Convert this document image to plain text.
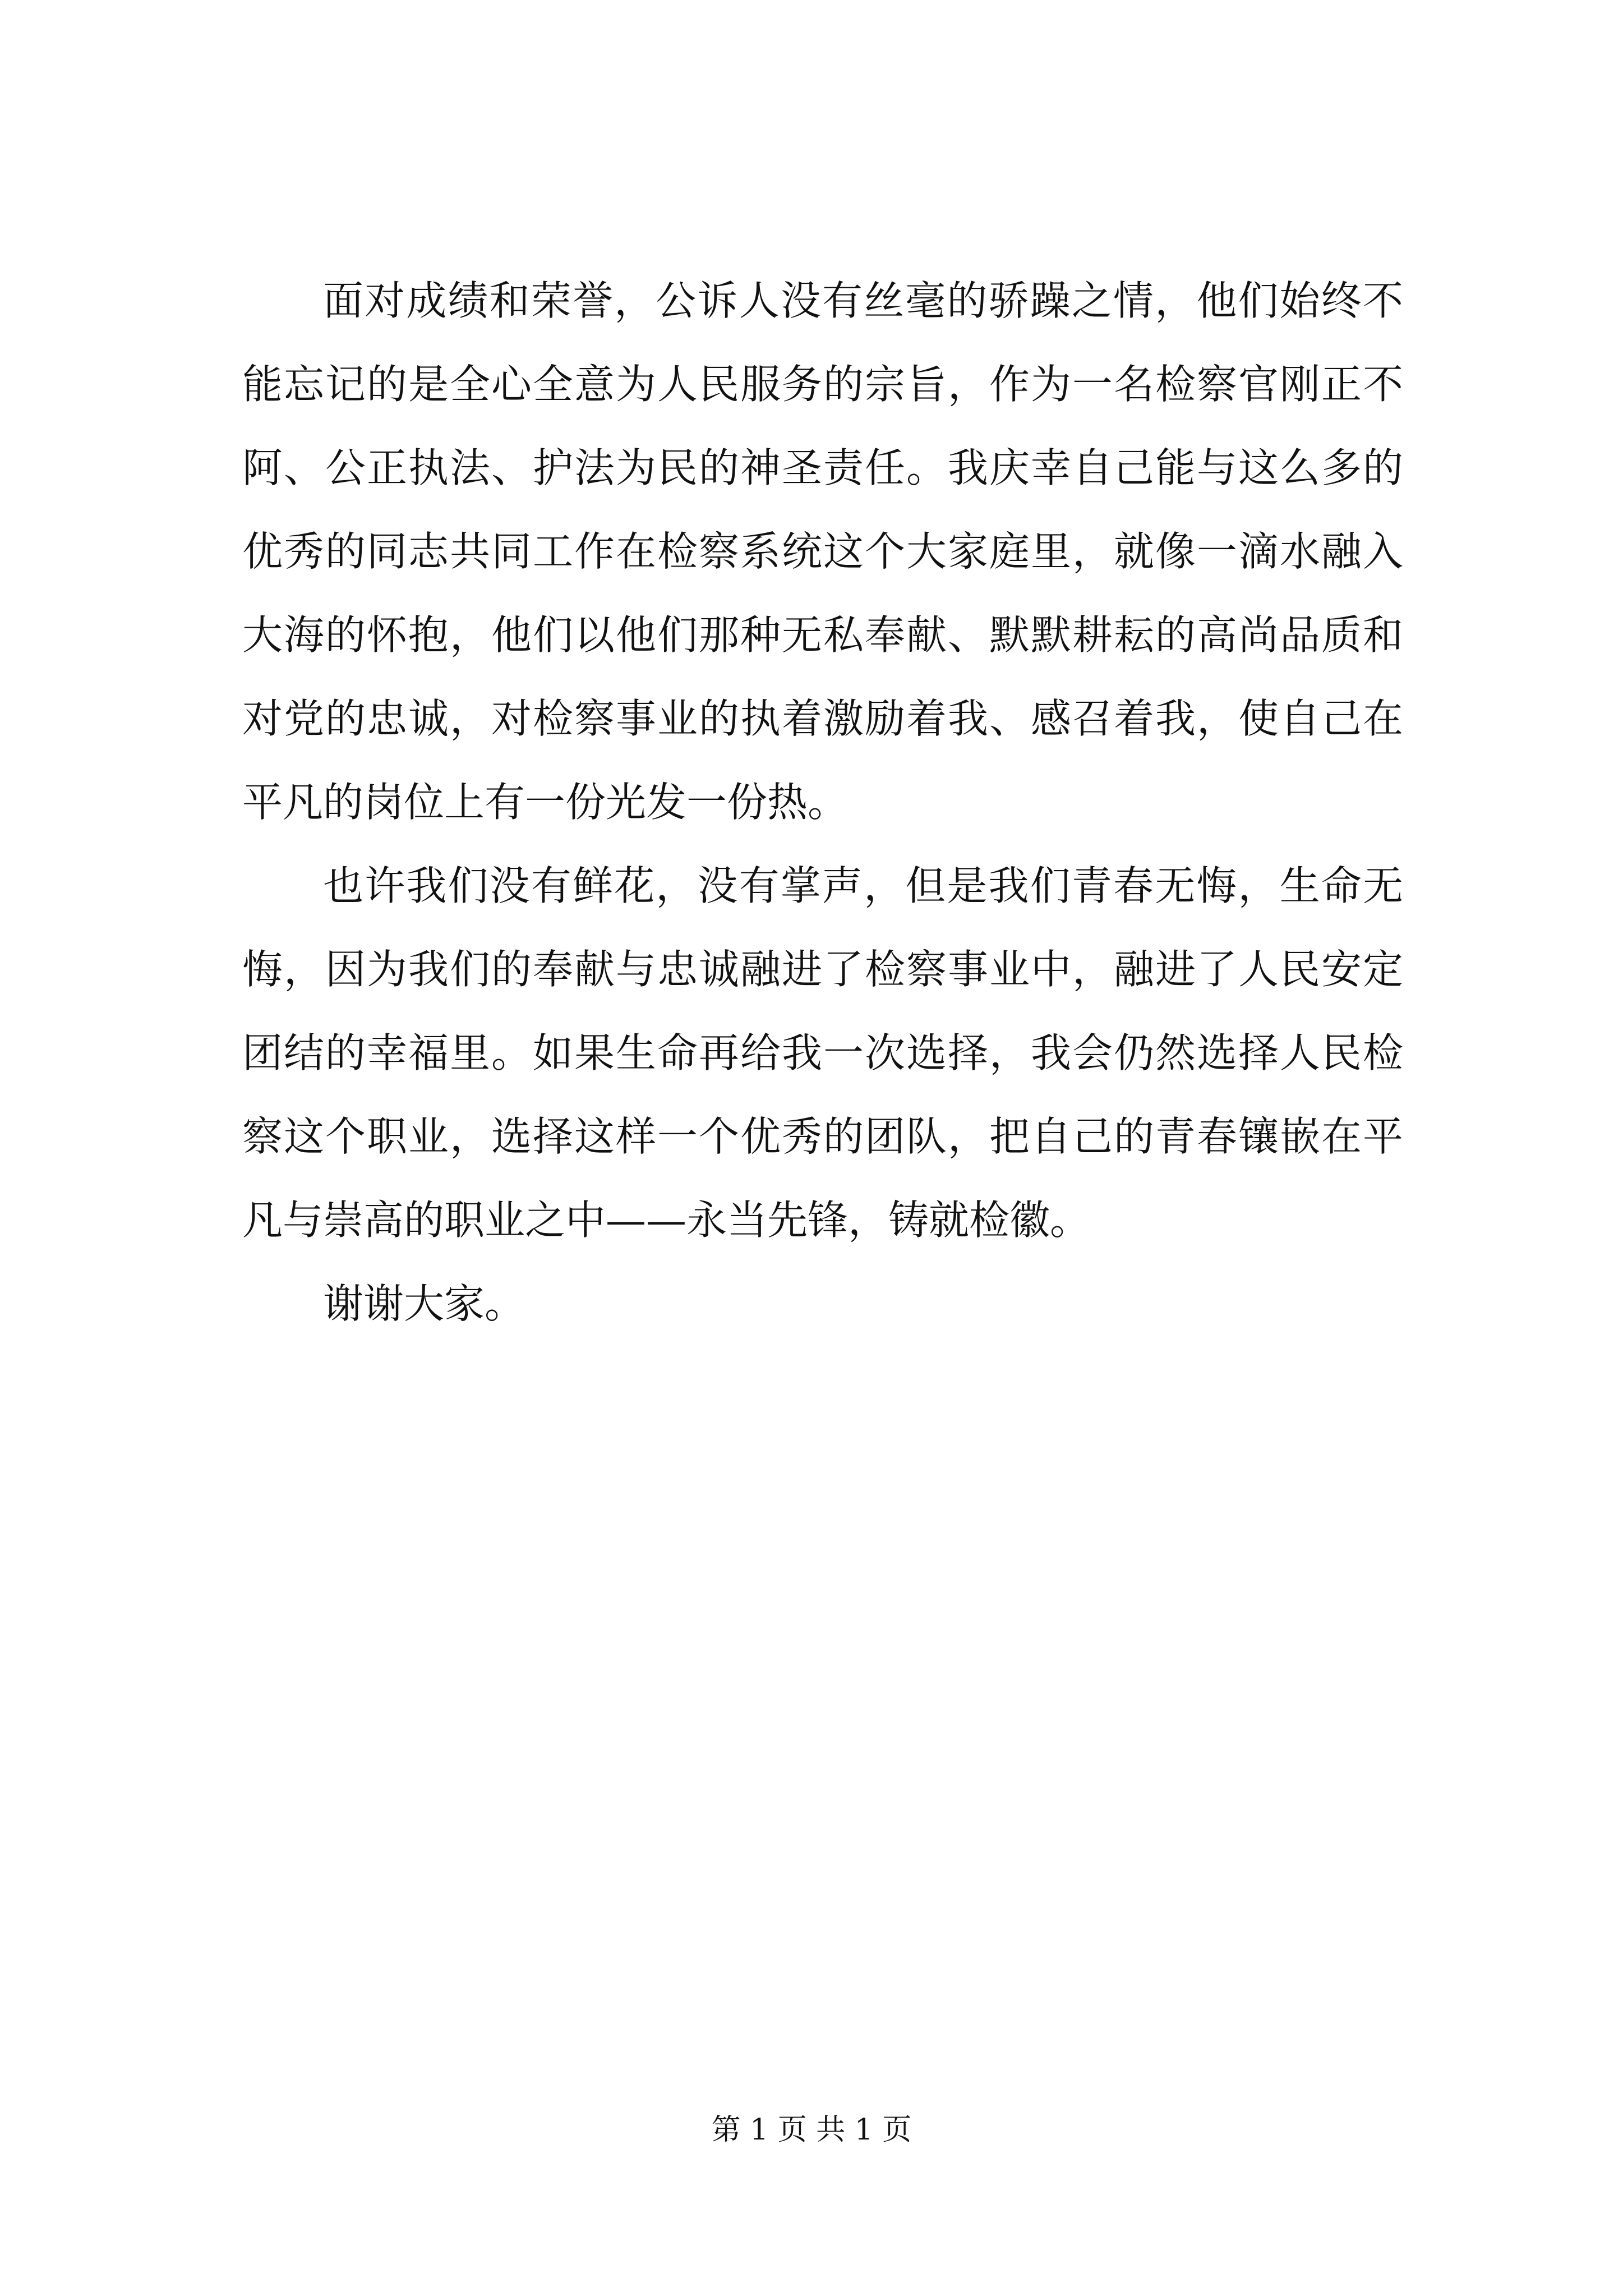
面对成绩和荣誉，公诉人没有丝毫的骄躁之情，他们始终不
能忘记的是全心全意为人民服务的宗旨，作为一名检察官刚正不
阿、公正执法、护法为民的神圣责任。我庆幸自己能与这么多的
优秀的同志共同工作在检察系统这个大家庭里，就像一滴水融入
大海的怀抱，他们以他们那种无私奉献、默默耕耘的高尚品质和
对党的忠诚，对检察事业的执着激励着我、感召着我，使自己在
平凡的岗位上有一份光发一份热。
也许我们没有鲜花，没有掌声，但是我们青春无悔，生命无
悔，因为我们的奉献与忠诚融进了检察事业中，融进了人民安定
团结的幸福里。如果生命再给我一次选择，我会仍然选择人民检
察这个职业，选择这样一个优秀的团队，把自己的青春镶嵌在平
凡与崇高的职业之中——永当先锋，铸就检徽。
谢谢大家。
第 1 页 共 1 页
